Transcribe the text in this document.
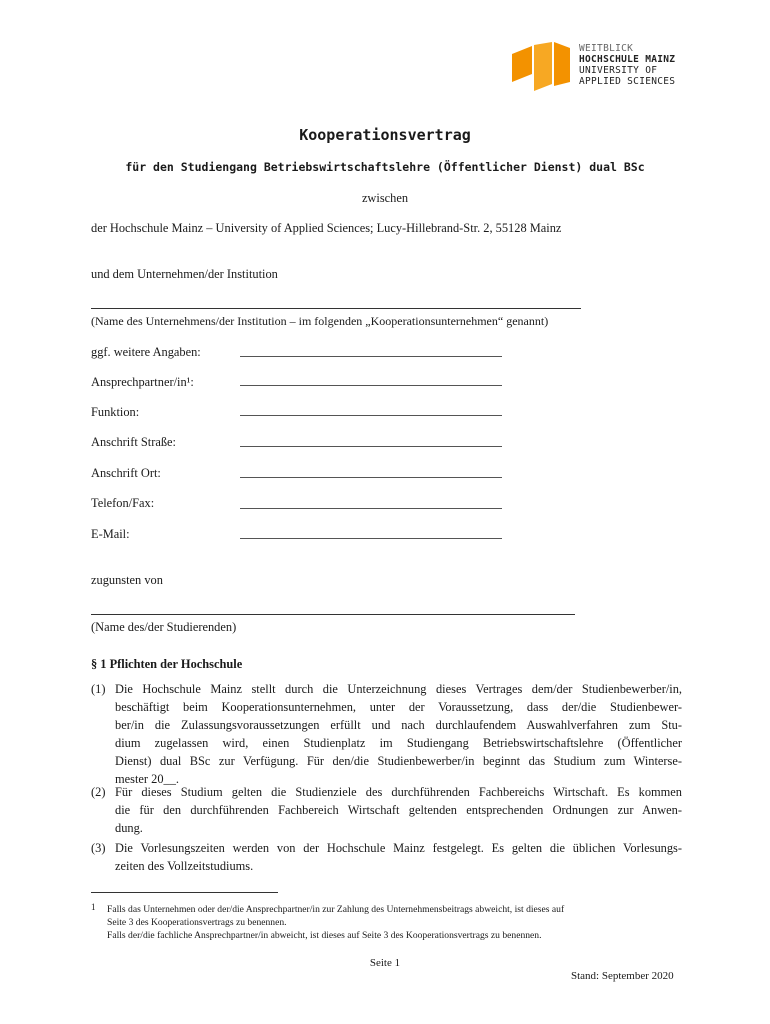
WEITBLICK
HOCHSCHULE MAINZ
UNIVERSITY OF
APPLIED SCIENCES
Kooperationsvertrag
für den Studiengang Betriebswirtschaftslehre (Öffentlicher Dienst) dual BSc
zwischen
der Hochschule Mainz – University of Applied Sciences; Lucy-Hillebrand-Str. 2, 55128 Mainz
und dem Unternehmen/der Institution
(Name des Unternehmens/der Institution – im folgenden „Kooperationsunternehmen“ genannt)
ggf. weitere Angaben:
Ansprechpartner/in¹:
Funktion:
Anschrift Straße:
Anschrift Ort:
Telefon/Fax:
E-Mail:
zugunsten von
(Name des/der Studierenden)
§ 1 Pflichten der Hochschule
(1) Die Hochschule Mainz stellt durch die Unterzeichnung dieses Vertrages dem/der Studienbewerber/in,
beschäftigt beim Kooperationsunternehmen, unter der Voraussetzung, dass der/die Studienbewer-
ber/in die Zulassungsvoraussetzungen erfüllt und nach durchlaufendem Auswahlverfahren zum Stu-
dium zugelassen wird, einen Studienplatz im Studiengang Betriebswirtschaftslehre (Öffentlicher
Dienst) dual BSc zur Verfügung. Für den/die Studienbewerber/in beginnt das Studium zum Winterse-
mester 20__.
(2) Für dieses Studium gelten die Studienziele des durchführenden Fachbereichs Wirtschaft. Es kommen
die für den durchführenden Fachbereich Wirtschaft geltenden entsprechenden Ordnungen zur Anwen-
dung.
(3) Die Vorlesungszeiten werden von der Hochschule Mainz festgelegt. Es gelten die üblichen Vorlesungs-
zeiten des Vollzeitstudiums.
1 Falls das Unternehmen oder der/die Ansprechpartner/in zur Zahlung des Unternehmensbeitrags abweicht, ist dieses auf
Seite 3 des Kooperationsvertrags zu benennen.
Falls der/die fachliche Ansprechpartner/in abweicht, ist dieses auf Seite 3 des Kooperationsvertrags zu benennen.
Seite 1
Stand: September 2020
